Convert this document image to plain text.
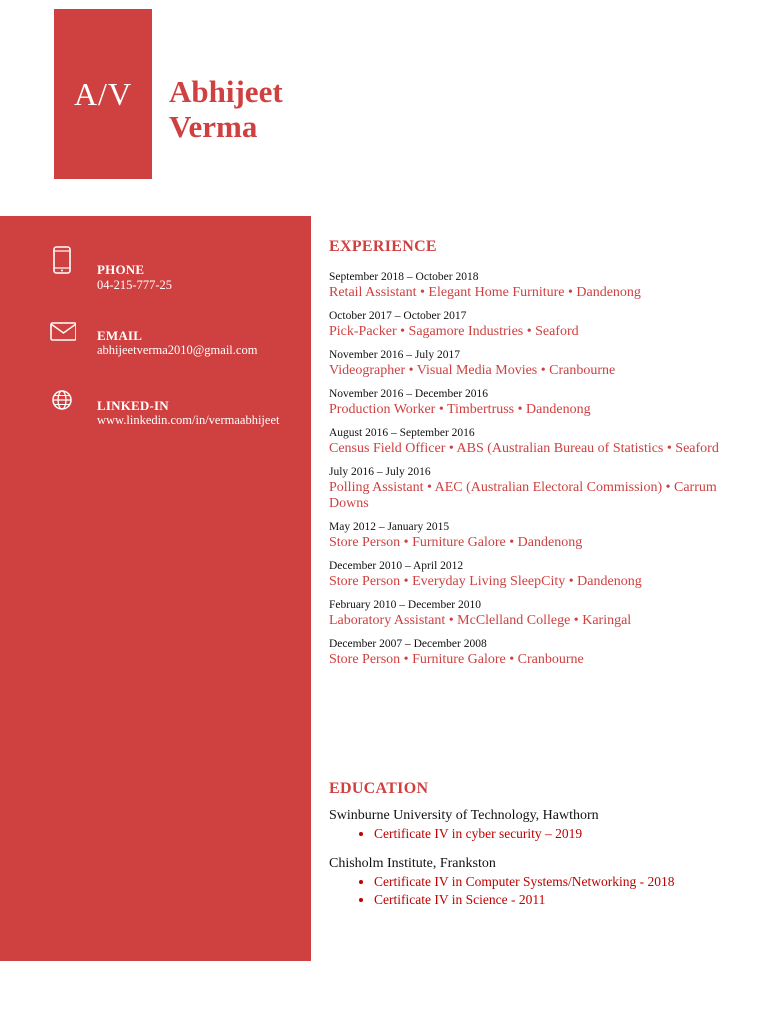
A/V Abhijeet
Verma
PHONE
04-215-777-25
EMAIL
abhijeetverma2010@gmail.com
LINKED-IN
www.linkedin.com/in/vermaabhijeet
EXPERIENCE
September 2018 – October 2018
Retail Assistant • Elegant Home Furniture • Dandenong
October 2017 – October 2017
Pick-Packer • Sagamore Industries • Seaford
November 2016 – July 2017
Videographer • Visual Media Movies • Cranbourne
November 2016 – December 2016
Production Worker • Timbertruss • Dandenong
August 2016 – September 2016
Census Field Officer • ABS (Australian Bureau of Statistics • Seaford
July 2016 – July 2016
Polling Assistant • AEC (Australian Electoral Commission) • Carrum Downs
May 2012 – January 2015
Store Person • Furniture Galore • Dandenong
December 2010 – April 2012
Store Person • Everyday Living SleepCity • Dandenong
February 2010 – December 2010
Laboratory Assistant • McClelland College • Karingal
December 2007 – December 2008
Store Person • Furniture Galore • Cranbourne
EDUCATION
Swinburne University of Technology, Hawthorn
• Certificate IV in cyber security – 2019
Chisholm Institute, Frankston
• Certificate IV in Computer Systems/Networking - 2018
• Certificate IV in Science - 2011
